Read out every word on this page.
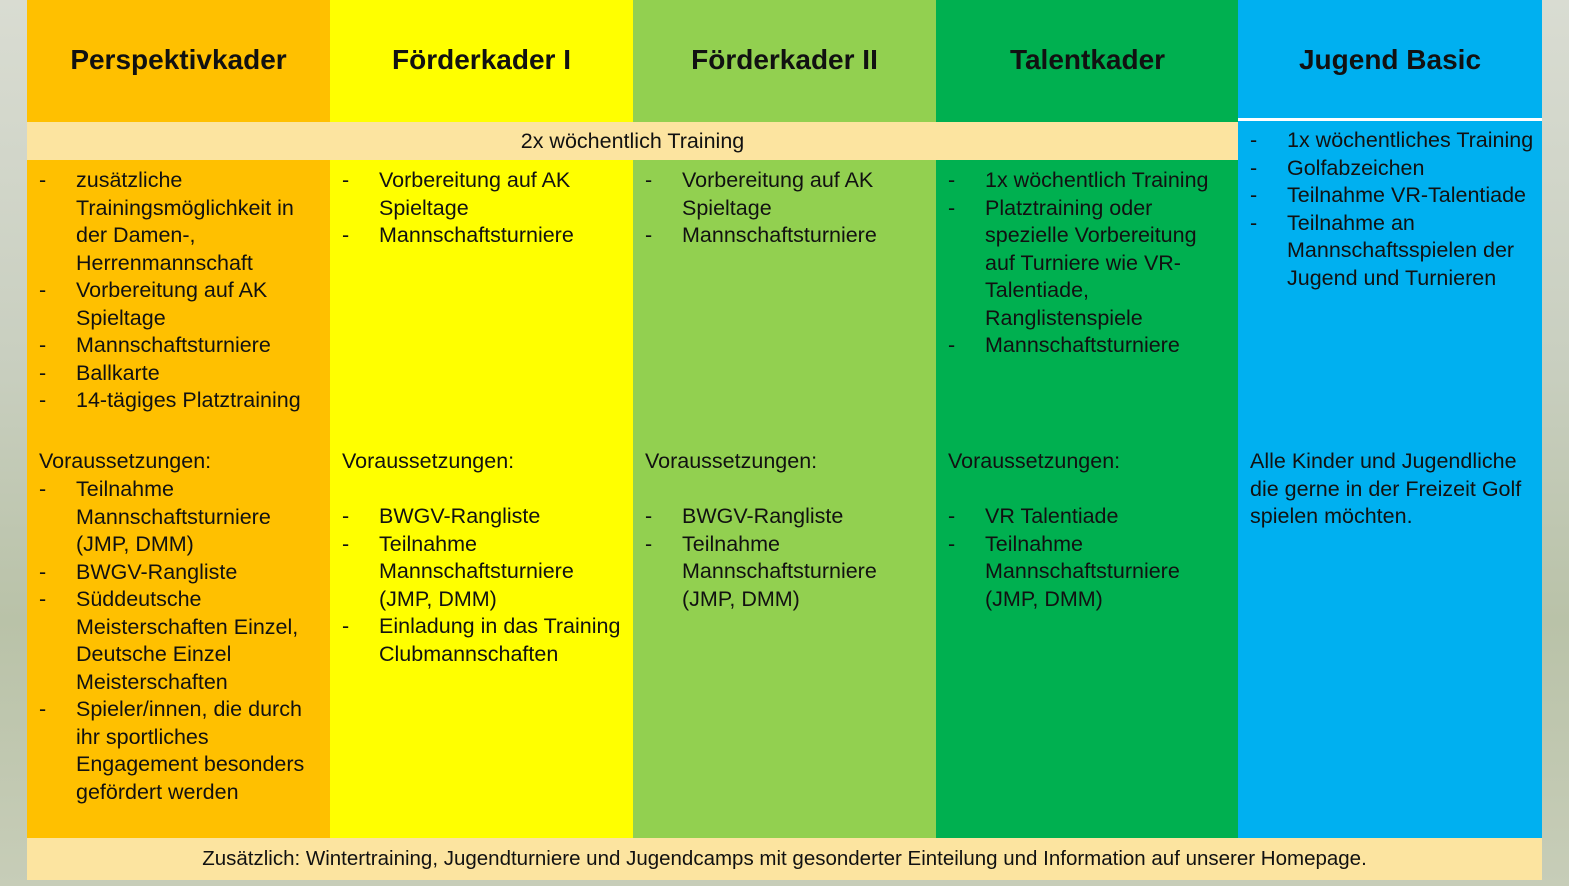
Perspektivkader
- zusätzliche Trainingsmöglichkeit in der Damen-, Herrenmannschaft
- Vorbereitung auf AK Spieltage
- Mannschaftsturniere
- Ballkarte
- 14-tägiges Platztraining
Voraussetzungen:
- Teilnahme Mannschaftsturniere (JMP, DMM)
- BWGV-Rangliste
- Süddeutsche Meisterschaften Einzel, Deutsche Einzel Meisterschaften
- Spieler/innen, die durch ihr sportliches Engagement besonders gefördert werden
Förderkader I
- Vorbereitung auf AK Spieltage
- Mannschaftsturniere
Voraussetzungen:
- BWGV-Rangliste
- Teilnahme Mannschaftsturniere (JMP, DMM)
- Einladung in das Training Clubmannschaften
Förderkader II
- Vorbereitung auf AK Spieltage
- Mannschaftsturniere
Voraussetzungen:
- BWGV-Rangliste
- Teilnahme Mannschaftsturniere (JMP, DMM)
Talentkader
- 1x wöchentlich Training
- Platztraining oder spezielle Vorbereitung auf Turniere wie VR-Talentiade, Ranglistenspiele
- Mannschaftsturniere
Voraussetzungen:
- VR Talentiade
- Teilnahme Mannschaftsturniere (JMP, DMM)
Jugend Basic
- 1x wöchentliches Training
- Golfabzeichen
- Teilnahme VR-Talentiade
- Teilnahme an Mannschaftsspielen der Jugend und Turnieren
Alle Kinder und Jugendliche die gerne in der Freizeit Golf spielen möchten.
2x wöchentlich Training
Zusätzlich: Wintertraining, Jugendturniere und Jugendcamps mit gesonderter Einteilung und Information auf unserer Homepage.
